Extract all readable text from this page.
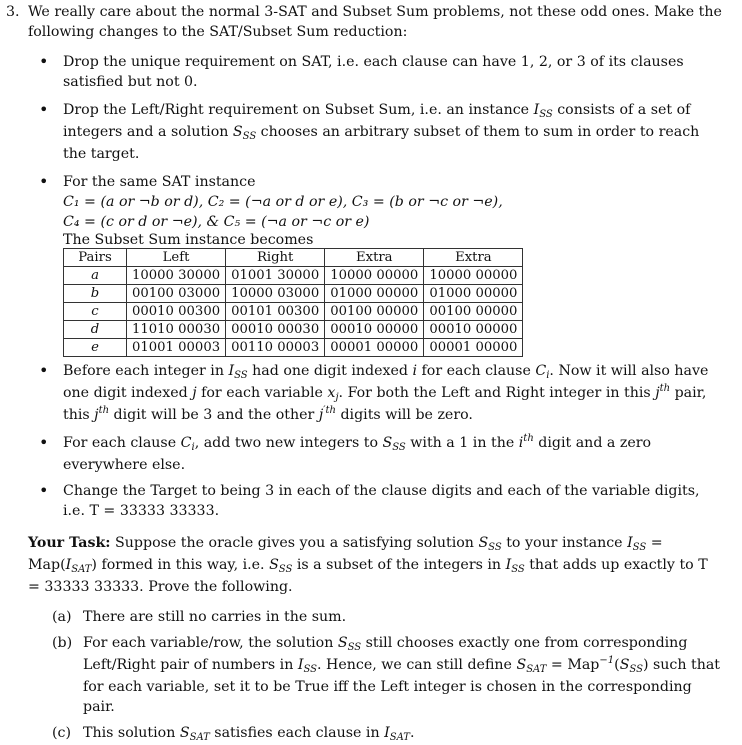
3. We really care about the normal 3-SAT and Subset Sum problems, not these odd ones. Make the following changes to the SAT/Subset Sum reduction:
• Drop the unique requirement on SAT, i.e. each clause can have 1, 2, or 3 of its clauses satisfied but not 0.
• Drop the Left/Right requirement on Subset Sum, i.e. an instance $I_{SS}$ consists of a set of integers and a solution $S_{SS}$ chooses an arbitrary subset of them to sum in order to reach the target.
• For the same SAT instance
C₁ = (a or ¬b or d), C₂ = (¬a or d or e), C₃ = (b or ¬c or ¬e),
C₄ = (c or d or ¬e), & C₅ = (¬a or ¬c or e)
The Subset Sum instance becomes
Pairs	Left	Right	Extra	Extra
a	10000 30000	01001 30000	10000 00000	10000 00000
b	00100 03000	10000 03000	01000 00000	01000 00000
c	00010 00300	00101 00300	00100 00000	00100 00000
d	11010 00030	00010 00030	00010 00000	00010 00000
e	01001 00003	00110 00003	00001 00000	00001 00000
• Before each integer in $I_{SS}$ had one digit indexed i for each clause $C_i$. Now it will also have one digit indexed j for each variable $x_j$. For both the Left and Right integer in this $j^{th}$ pair, this $j^{th}$ digit will be 3 and the other $j^{'th}$ digits will be zero.
• For each clause $C_i$, add two new integers to $S_{SS}$ with a 1 in the $i^{th}$ digit and a zero everywhere else.
• Change the Target to being 3 in each of the clause digits and each of the variable digits, i.e. T = 33333 33333.
Your Task: Suppose the oracle gives you a satisfying solution $S_{SS}$ to your instance $I_{SS} = Map(I_{SAT})$ formed in this way, i.e. $S_{SS}$ is a subset of the integers in $I_{SS}$ that adds up exactly to T = 33333 33333. Prove the following.
(a) There are still no carries in the sum.
(b) For each variable/row, the solution $S_{SS}$ still chooses exactly one from corresponding Left/Right pair of numbers in $I_{SS}$. Hence, we can still define $S_{SAT} = Map^{-1}(S_{SS})$ such that for each variable, set it to be True iff the Left integer is chosen in the corresponding pair.
(c) This solution $S_{SAT}$ satisfies each clause in $I_{SAT}$.
